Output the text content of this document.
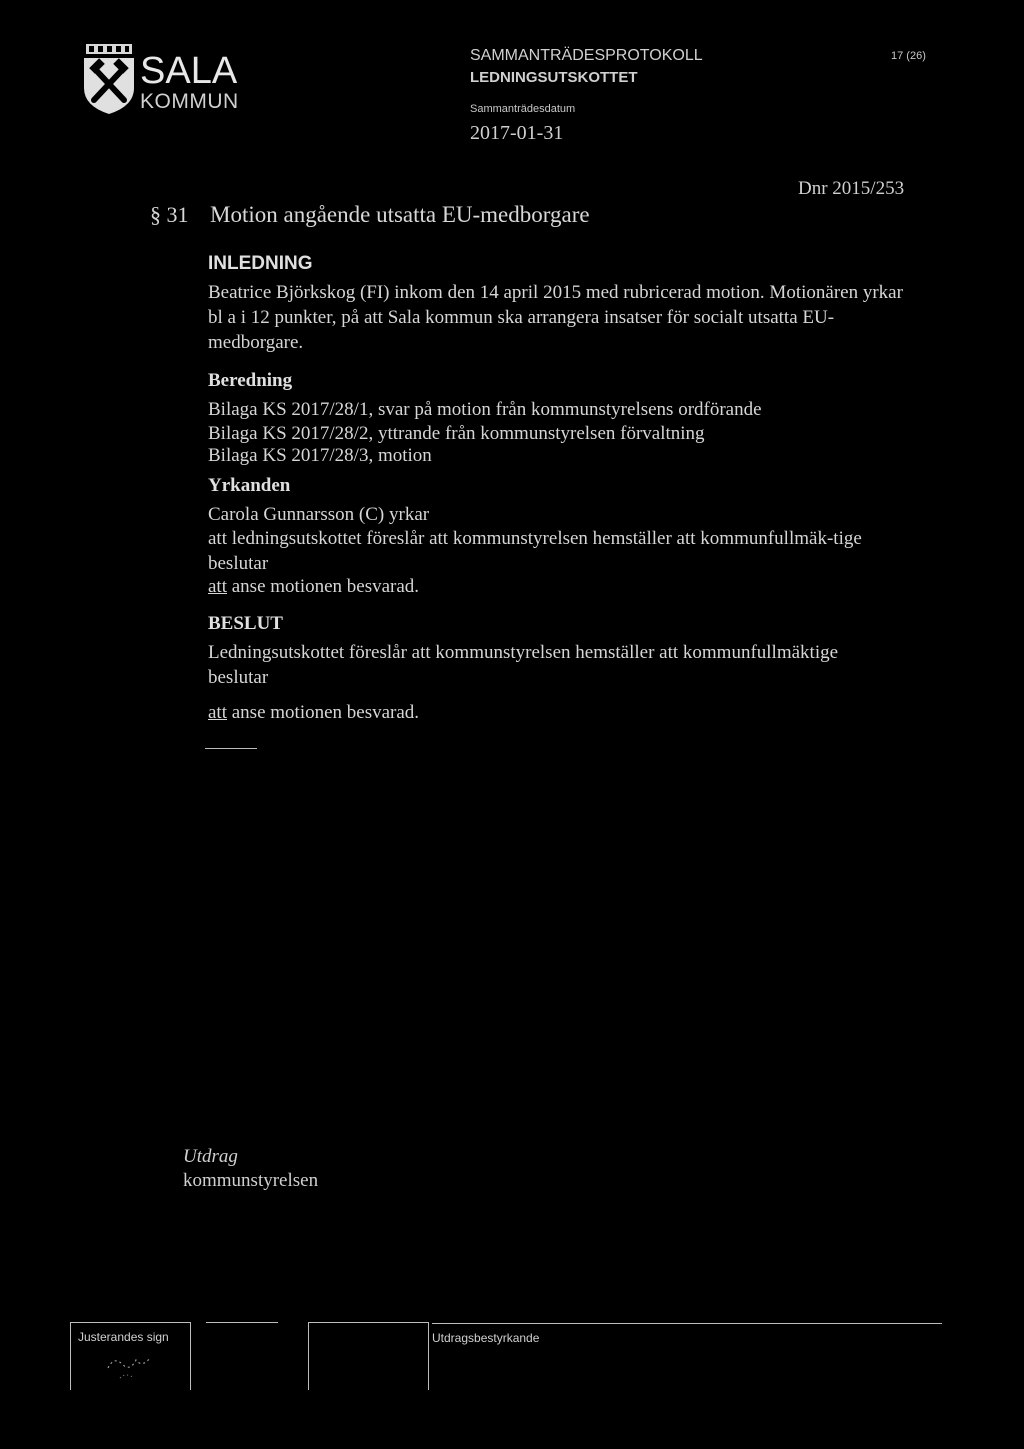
SALA
KOMMUN
SAMMANTRÄDESPROTOKOLL
LEDNINGSUTSKOTTET
Sammanträdesdatum
2017-01-31
17 (26)
§ 31 Motion angående utsatta EU-medborgare
Dnr 2015/253
INLEDNING
Beatrice Björkskog (FI) inkom den 14 april 2015 med rubricerad motion. Motionären yrkar bl a i 12 punkter, på att Sala kommun ska arrangera insatser för socialt utsatta EU-medborgare.
Beredning
Bilaga KS 2017/28/1, svar på motion från kommunstyrelsens ordförande
Bilaga KS 2017/28/2, yttrande från kommunstyrelsen förvaltning
Bilaga KS 2017/28/3, motion
Yrkanden
Carola Gunnarsson (C) yrkar
att ledningsutskottet föreslår att kommunstyrelsen hemställer att kommunfullmäk-tige beslutar
att anse motionen besvarad.
BESLUT
Ledningsutskottet föreslår att kommunstyrelsen hemställer att kommunfullmäktige beslutar
att anse motionen besvarad.
Utdrag
kommunstyrelsen
Justerandes sign	Utdragsbestyrkande
